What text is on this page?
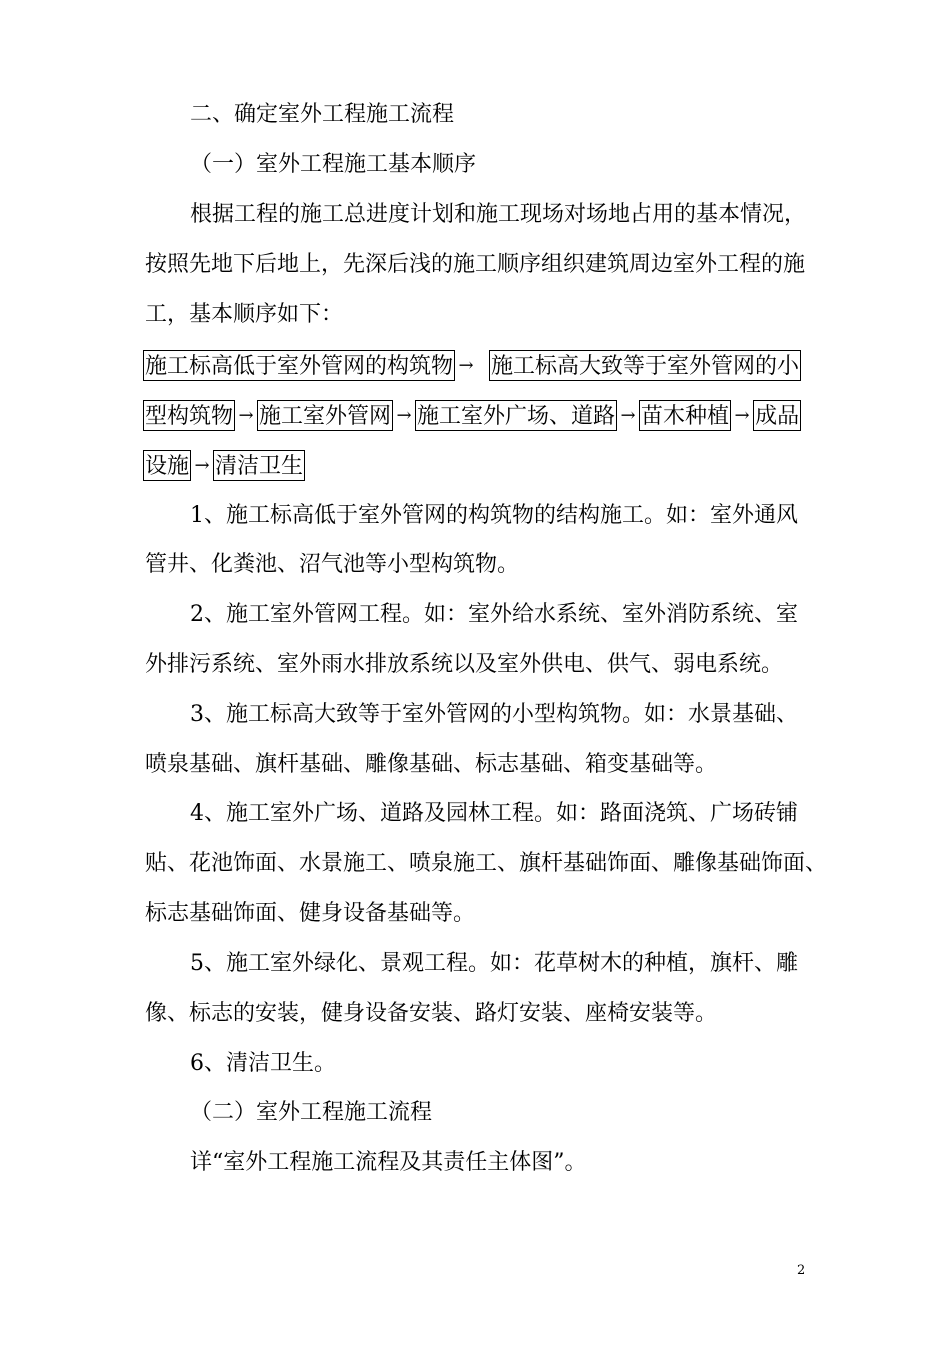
二、确定室外工程施工流程
（一）室外工程施工基本顺序
根据工程的施工总进度计划和施工现场对场地占用的基本情况，
按照先地下后地上，先深后浅的施工顺序组织建筑周边室外工程的施
工，基本顺序如下：
施工标高低于室外管网的构筑物 → 施工标高大致等于室外管网的小
型构筑物 → 施工室外管网 → 施工室外广场、道路 → 苗木种植 → 成品
设施 → 清洁卫生
1、施工标高低于室外管网的构筑物的结构施工。如：室外通风
管井、化粪池、沼气池等小型构筑物。
2、施工室外管网工程。如：室外给水系统、室外消防系统、室
外排污系统、室外雨水排放系统以及室外供电、供气、弱电系统。
3、施工标高大致等于室外管网的小型构筑物。如：水景基础、
喷泉基础、旗杆基础、雕像基础、标志基础、箱变基础等。
4、施工室外广场、道路及园林工程。如：路面浇筑、广场砖铺
贴、花池饰面、水景施工、喷泉施工、旗杆基础饰面、雕像基础饰面、
标志基础饰面、健身设备基础等。
5、施工室外绿化、景观工程。如：花草树木的种植，旗杆、雕
像、标志的安装，健身设备安装、路灯安装、座椅安装等。
6、清洁卫生。
（二）室外工程施工流程
详“室外工程施工流程及其责任主体图”。
2
